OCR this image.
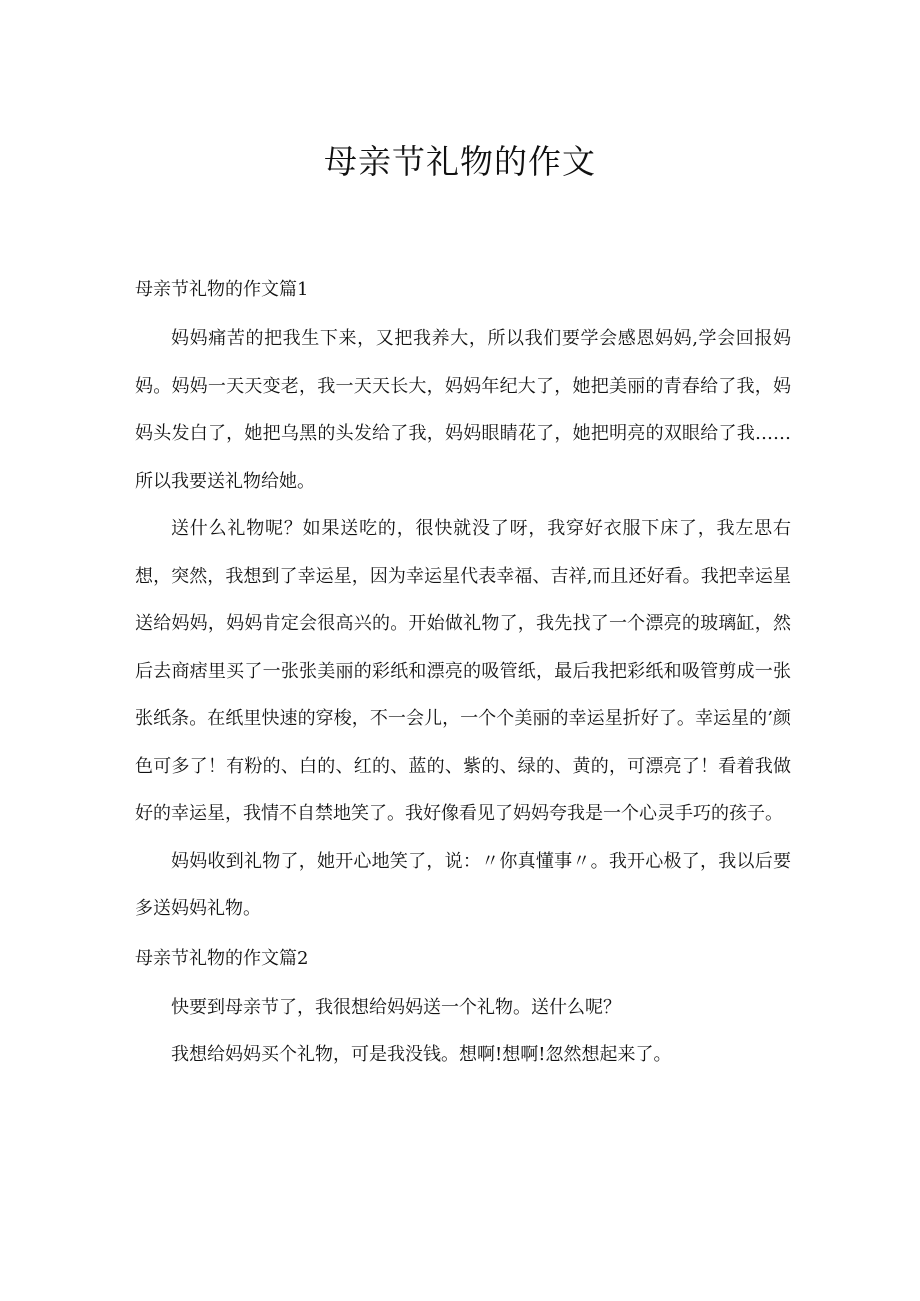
母亲节礼物的作文
母亲节礼物的作文篇1

妈妈痛苦的把我生下来，又把我养大，所以我们要学会感恩妈妈,学会回报妈妈。妈妈一天天变老，我一天天长大，妈妈年纪大了，她把美丽的青春给了我，妈妈头发白了，她把乌黑的头发给了我，妈妈眼睛花了，她把明亮的双眼给了我……所以我要送礼物给她。

送什么礼物呢？如果送吃的，很快就没了呀，我穿好衣服下床了，我左思右想，突然，我想到了幸运星，因为幸运星代表幸福、吉祥,而且还好看。我把幸运星送给妈妈，妈妈肯定会很高兴的。开始做礼物了，我先找了一个漂亮的玻璃缸，然后去商痞里买了一张张美丽的彩纸和漂亮的吸管纸，最后我把彩纸和吸管剪成一张张纸条。在纸里快速的穿梭，不一会儿，一个个美丽的幸运星折好了。幸运星的’颜色可多了！有粉的、白的、红的、蓝的、紫的、绿的、黄的，可漂亮了！看着我做好的幸运星，我情不自禁地笑了。我好像看见了妈妈夸我是一个心灵手巧的孩子。

妈妈收到礼物了，她开心地笑了，说：〃你真懂事〃。我开心极了，我以后要多送妈妈礼物。

母亲节礼物的作文篇2

快要到母亲节了，我很想给妈妈送一个礼物。送什么呢？

我想给妈妈买个礼物，可是我没钱。想啊!想啊!忽然想起来了。
